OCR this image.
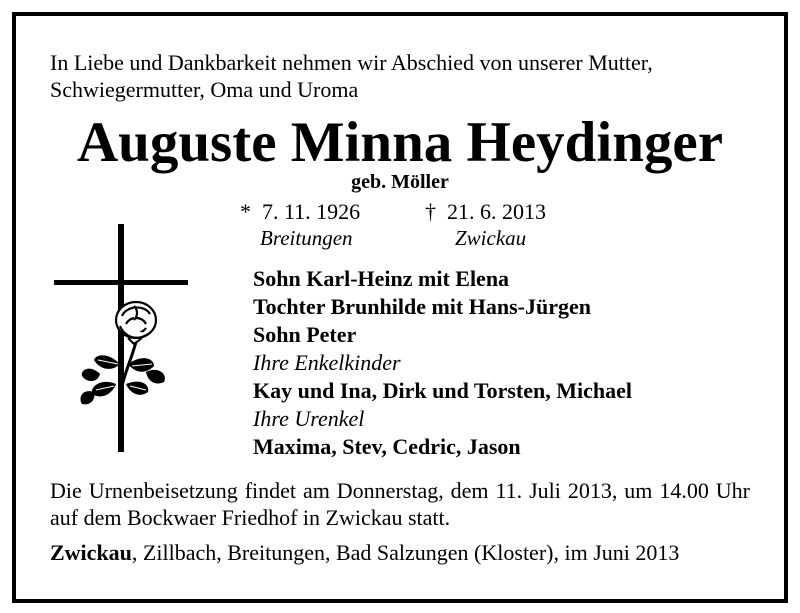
In Liebe und Dankbarkeit nehmen wir Abschied von unserer Mutter, Schwiegermutter, Oma und Uroma
Auguste Minna Heydinger
geb. Möller
* 7. 11. 1926
Breitungen
† 21. 6. 2013
Zwickau
Sohn Karl-Heinz mit Elena
Tochter Brunhilde mit Hans-Jürgen
Sohn Peter
Ihre Enkelkinder
Kay und Ina, Dirk und Torsten, Michael
Ihre Urenkel
Maxima, Stev, Cedric, Jason
Die Urnenbeisetzung findet am Donnerstag, dem 11. Juli 2013, um 14.00 Uhr auf dem Bockwaer Friedhof in Zwickau statt.
Zwickau, Zillbach, Breitungen, Bad Salzungen (Kloster), im Juni 2013
